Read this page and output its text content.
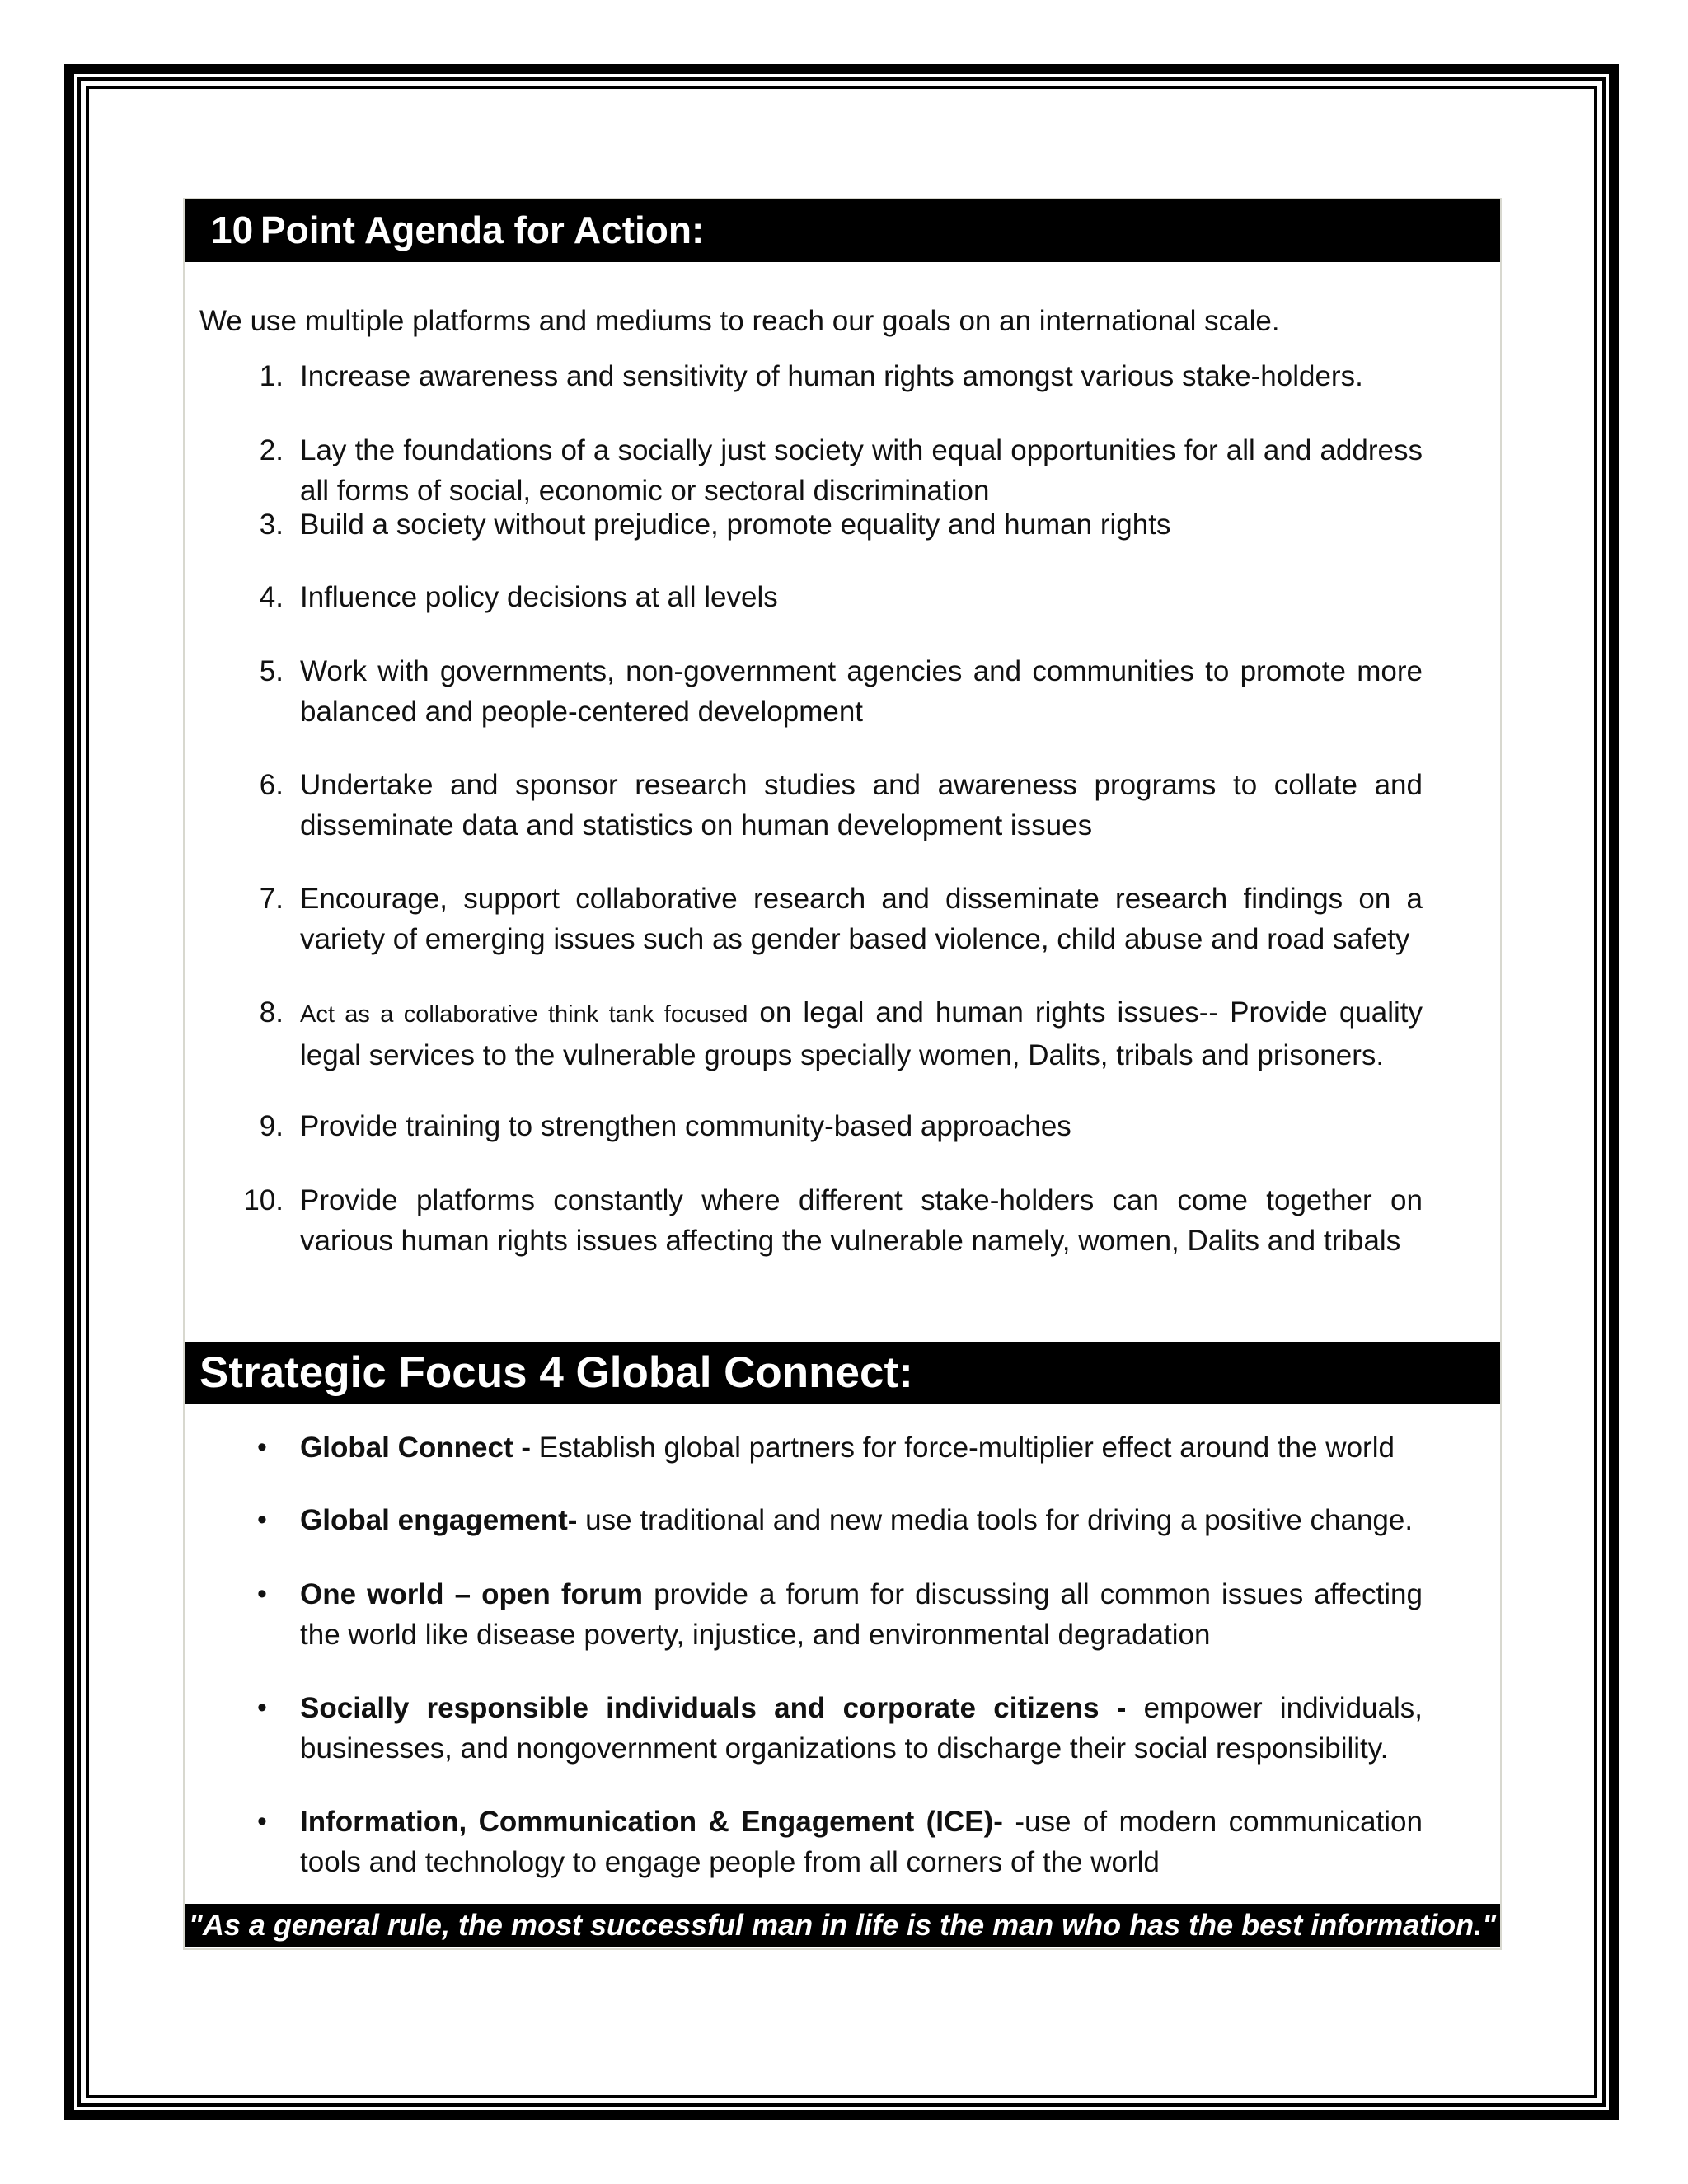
10 Point Agenda for Action:
We use multiple platforms and mediums to reach our goals on an international scale.
1. Increase awareness and sensitivity of human rights amongst various stake-holders.
2. Lay the foundations of a socially just society with equal opportunities for all and address all forms of social, economic or sectoral discrimination
3. Build a society without prejudice, promote equality and human rights
4. Influence policy decisions at all levels
5. Work with governments, non-government agencies and communities to promote more balanced and people-centered development
6. Undertake and sponsor research studies and awareness programs to collate and disseminate data and statistics on human development issues
7. Encourage, support collaborative research and disseminate research findings on a variety of emerging issues such as gender based violence, child abuse and road safety
8. Act as a collaborative think tank focused on legal and human rights issues-- Provide quality legal services to the vulnerable groups specially women, Dalits, tribals and prisoners.
9. Provide training to strengthen community-based approaches
10. Provide platforms constantly where different stake-holders can come together on various human rights issues affecting the vulnerable namely, women, Dalits and tribals
Strategic Focus 4 Global Connect:
•	Global Connect - Establish global partners for force-multiplier effect around the world
•	Global engagement- use traditional and new media tools for driving a positive change.
•	One world – open forum provide a forum for discussing all common issues affecting the world like disease poverty, injustice, and environmental degradation
•	Socially responsible individuals and corporate citizens - empower individuals, businesses, and nongovernment organizations to discharge their social responsibility.
•	Information, Communication & Engagement (ICE)- -use of modern communication tools and technology to engage people from all corners of the world
"As a general rule, the most successful man in life is the man who has the best information."
